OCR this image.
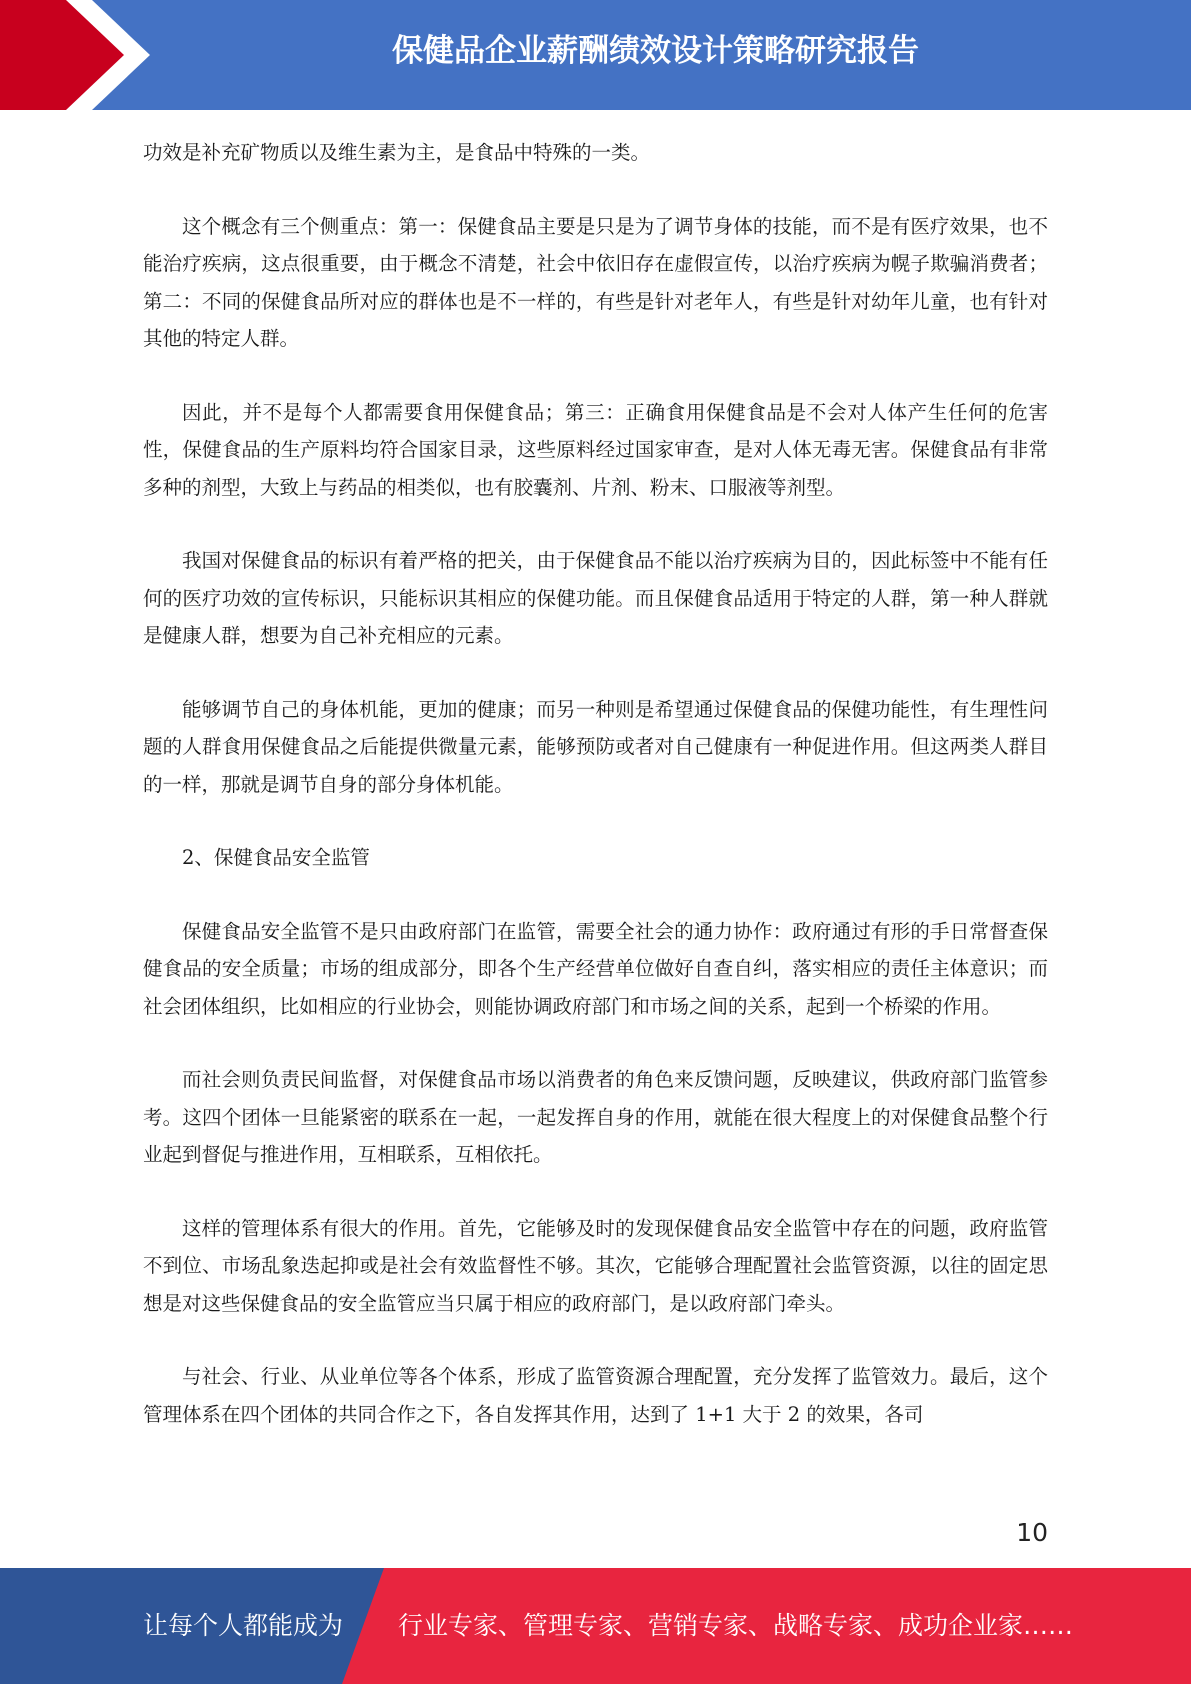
保健品企业薪酬绩效设计策略研究报告

功效是补充矿物质以及维生素为主，是食品中特殊的一类。

这个概念有三个侧重点：第一：保健食品主要是只是为了调节身体的技能，而不是有医疗效果，也不能治疗疾病，这点很重要，由于概念不清楚，社会中依旧存在虚假宣传，以治疗疾病为幌子欺骗消费者；第二：不同的保健食品所对应的群体也是不一样的，有些是针对老年人，有些是针对幼年儿童，也有针对其他的特定人群。

因此，并不是每个人都需要食用保健食品；第三：正确食用保健食品是不会对人体产生任何的危害性，保健食品的生产原料均符合国家目录，这些原料经过国家审查，是对人体无毒无害。保健食品有非常多种的剂型，大致上与药品的相类似，也有胶囊剂、片剂、粉末、口服液等剂型。

我国对保健食品的标识有着严格的把关，由于保健食品不能以治疗疾病为目的，因此标签中不能有任何的医疗功效的宣传标识，只能标识其相应的保健功能。而且保健食品适用于特定的人群，第一种人群就是健康人群，想要为自己补充相应的元素。

能够调节自己的身体机能，更加的健康；而另一种则是希望通过保健食品的保健功能性，有生理性问题的人群食用保健食品之后能提供微量元素，能够预防或者对自己健康有一种促进作用。但这两类人群目的一样，那就是调节自身的部分身体机能。

2、保健食品安全监管

保健食品安全监管不是只由政府部门在监管，需要全社会的通力协作：政府通过有形的手日常督查保健食品的安全质量；市场的组成部分，即各个生产经营单位做好自查自纠，落实相应的责任主体意识；而社会团体组织，比如相应的行业协会，则能协调政府部门和市场之间的关系，起到一个桥梁的作用。

而社会则负责民间监督，对保健食品市场以消费者的角色来反馈问题，反映建议，供政府部门监管参考。这四个团体一旦能紧密的联系在一起，一起发挥自身的作用，就能在很大程度上的对保健食品整个行业起到督促与推进作用，互相联系，互相依托。

这样的管理体系有很大的作用。首先，它能够及时的发现保健食品安全监管中存在的问题，政府监管不到位、市场乱象迭起抑或是社会有效监督性不够。其次，它能够合理配置社会监管资源，以往的固定思想是对这些保健食品的安全监管应当只属于相应的政府部门，是以政府部门牵头。

与社会、行业、从业单位等各个体系，形成了监管资源合理配置，充分发挥了监管效力。最后，这个管理体系在四个团体的共同合作之下，各自发挥其作用，达到了 1+1 大于 2 的效果，各司

10
让每个人都能成为 行业专家、管理专家、营销专家、战略专家、成功企业家……
